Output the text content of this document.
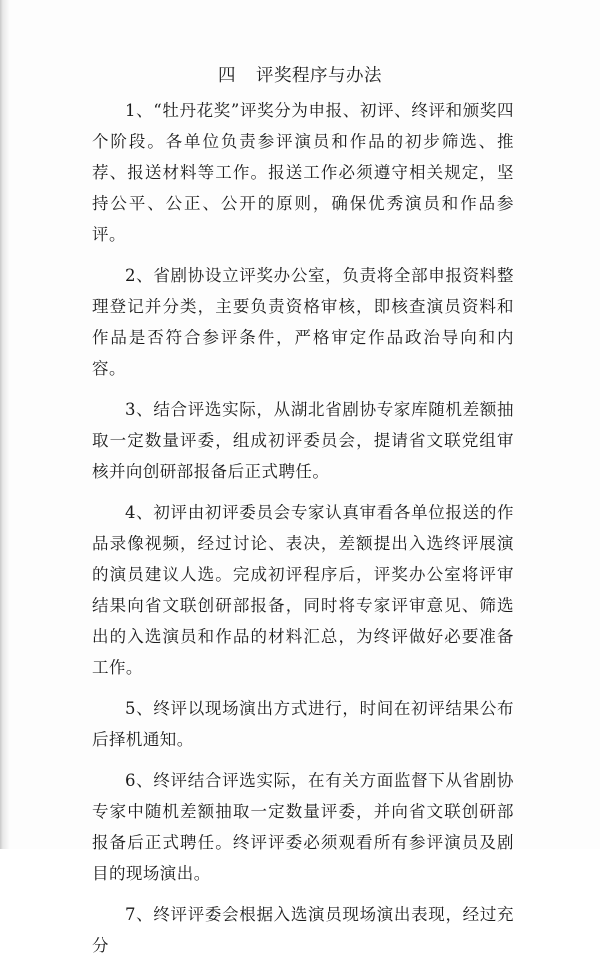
四 评奖程序与办法

1、“牡丹花奖”评奖分为申报、初评、终评和颁奖四个阶段。各单位负责参评演员和作品的初步筛选、推荐、报送材料等工作。报送工作必须遵守相关规定，坚持公平、公正、公开的原则，确保优秀演员和作品参评。

2、省剧协设立评奖办公室，负责将全部申报资料整理登记并分类，主要负责资格审核，即核查演员资料和作品是否符合参评条件，严格审定作品政治导向和内容。

3、结合评选实际，从湖北省剧协专家库随机差额抽取一定数量评委，组成初评委员会，提请省文联党组审核并向创研部报备后正式聘任。

4、初评由初评委员会专家认真审看各单位报送的作品录像视频，经过讨论、表决，差额提出入选终评展演的演员建议人选。完成初评程序后，评奖办公室将评审结果向省文联创研部报备，同时将专家评审意见、筛选出的入选演员和作品的材料汇总，为终评做好必要准备工作。

5、终评以现场演出方式进行，时间在初评结果公布后择机通知。

6、终评结合评选实际，在有关方面监督下从省剧协专家中随机差额抽取一定数量评委，并向省文联创研部报备后正式聘任。终评评委必须观看所有参评演员及剧目的现场演出。

7、终评评委会根据入选演员现场演出表现，经过充分
